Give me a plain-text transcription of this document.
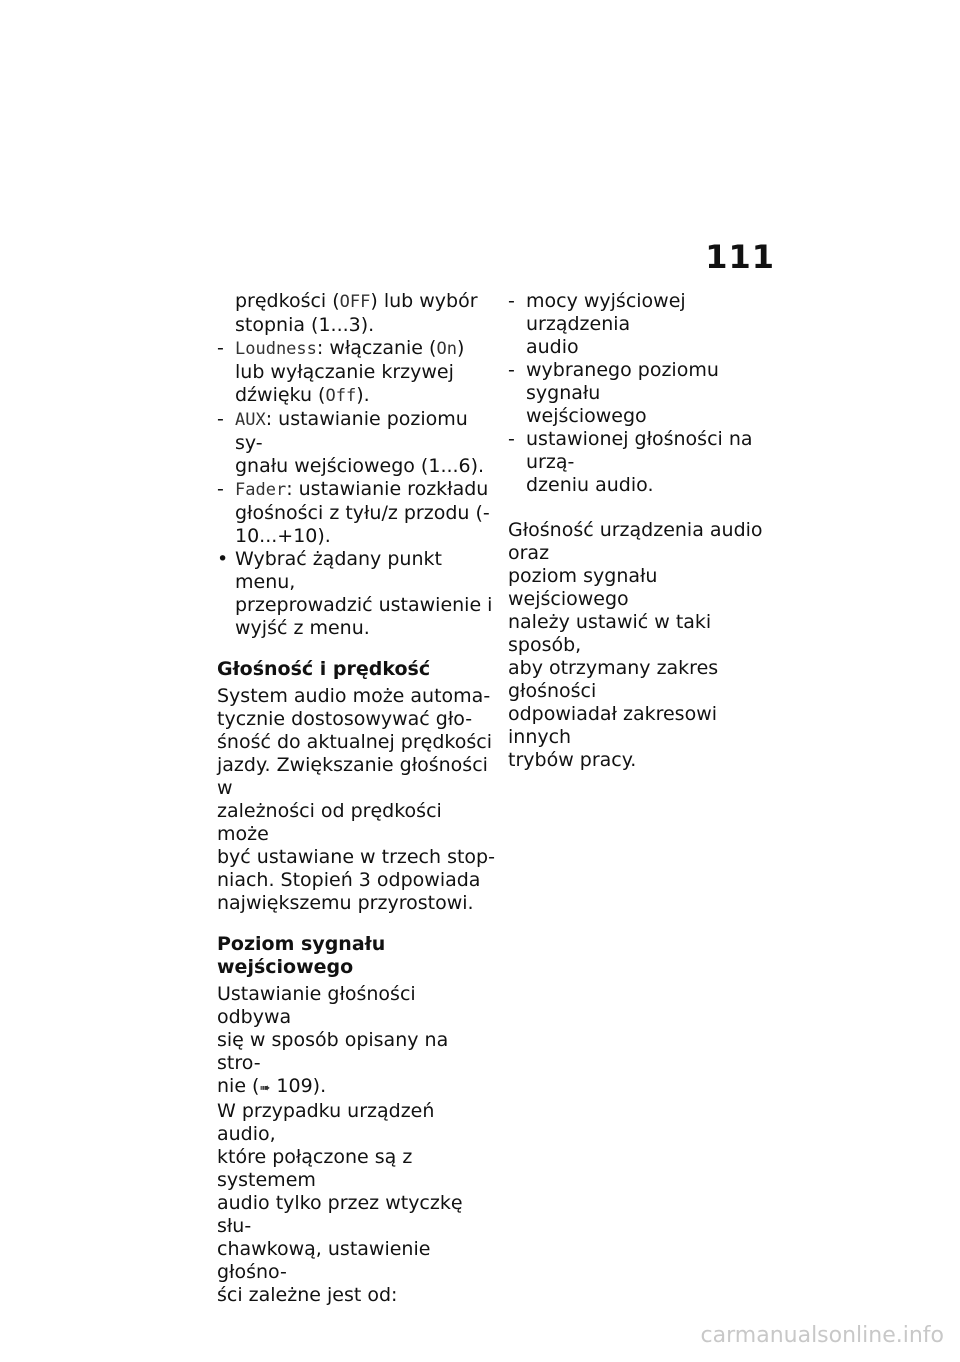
111
prędkości (OFF) lub wybór
stopnia (1...3).
- Loudness: włączanie (On)
lub wyłączanie krzywej
dźwięku (Off).
- AUX: ustawianie poziomu sy-
gnału wejściowego (1...6).
- Fader: ustawianie rozkładu
głośności z tyłu/z przodu (-
10...+10).
• Wybrać żądany punkt menu,
przeprowadzić ustawienie i
wyjść z menu.
Głośność i prędkość
System audio może automa-
tycznie dostosowywać gło-
śność do aktualnej prędkości
jazdy. Zwiększanie głośności w
zależności od prędkości może
być ustawiane w trzech stop-
niach. Stopień 3 odpowiada
największemu przyrostowi.
Poziom sygnału wejściowego
Ustawianie głośności odbywa
się w sposób opisany na stro-
nie (➠ 109).
W przypadku urządzeń audio,
które połączone są z systemem
audio tylko przez wtyczkę słu-
chawkową, ustawienie głośno-
ści zależne jest od:
- mocy wyjściowej urządzenia
audio
- wybranego poziomu sygnału
wejściowego
- ustawionej głośności na urzą-
dzeniu audio.
Głośność urządzenia audio oraz
poziom sygnału wejściowego
należy ustawić w taki sposób,
aby otrzymany zakres głośności
odpowiadał zakresowi innych
trybów pracy.
carmanualsonline.info
